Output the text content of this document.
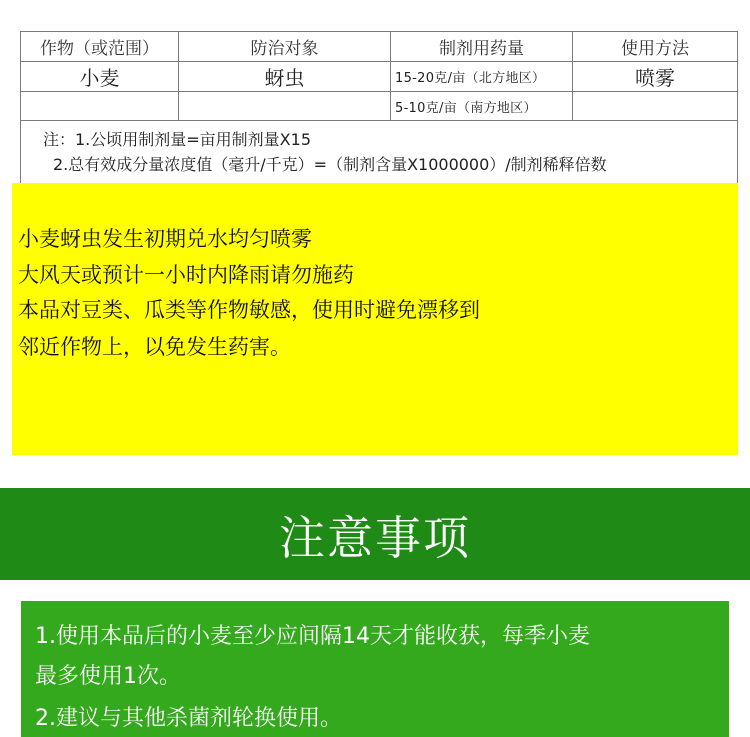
作物（或范围）	防治对象	制剂用药量	使用方法
小麦	蚜虫	15-20克/亩（北方地区）	喷雾
		5-10克/亩（南方地区）	

注：1.公顷用制剂量=亩用制剂量X15
2.总有效成分量浓度值（毫升/千克）=（制剂含量X1000000）/制剂稀释倍数			
小麦蚜虫发生初期兑水均匀喷雾
大风天或预计一小时内降雨请勿施药
本品对豆类、瓜类等作物敏感，使用时避免漂移到
邻近作物上，以免发生药害。
注意事项
1.使用本品后的小麦至少应间隔14天才能收获，每季小麦
最多使用1次。
2.建议与其他杀菌剂轮换使用。
